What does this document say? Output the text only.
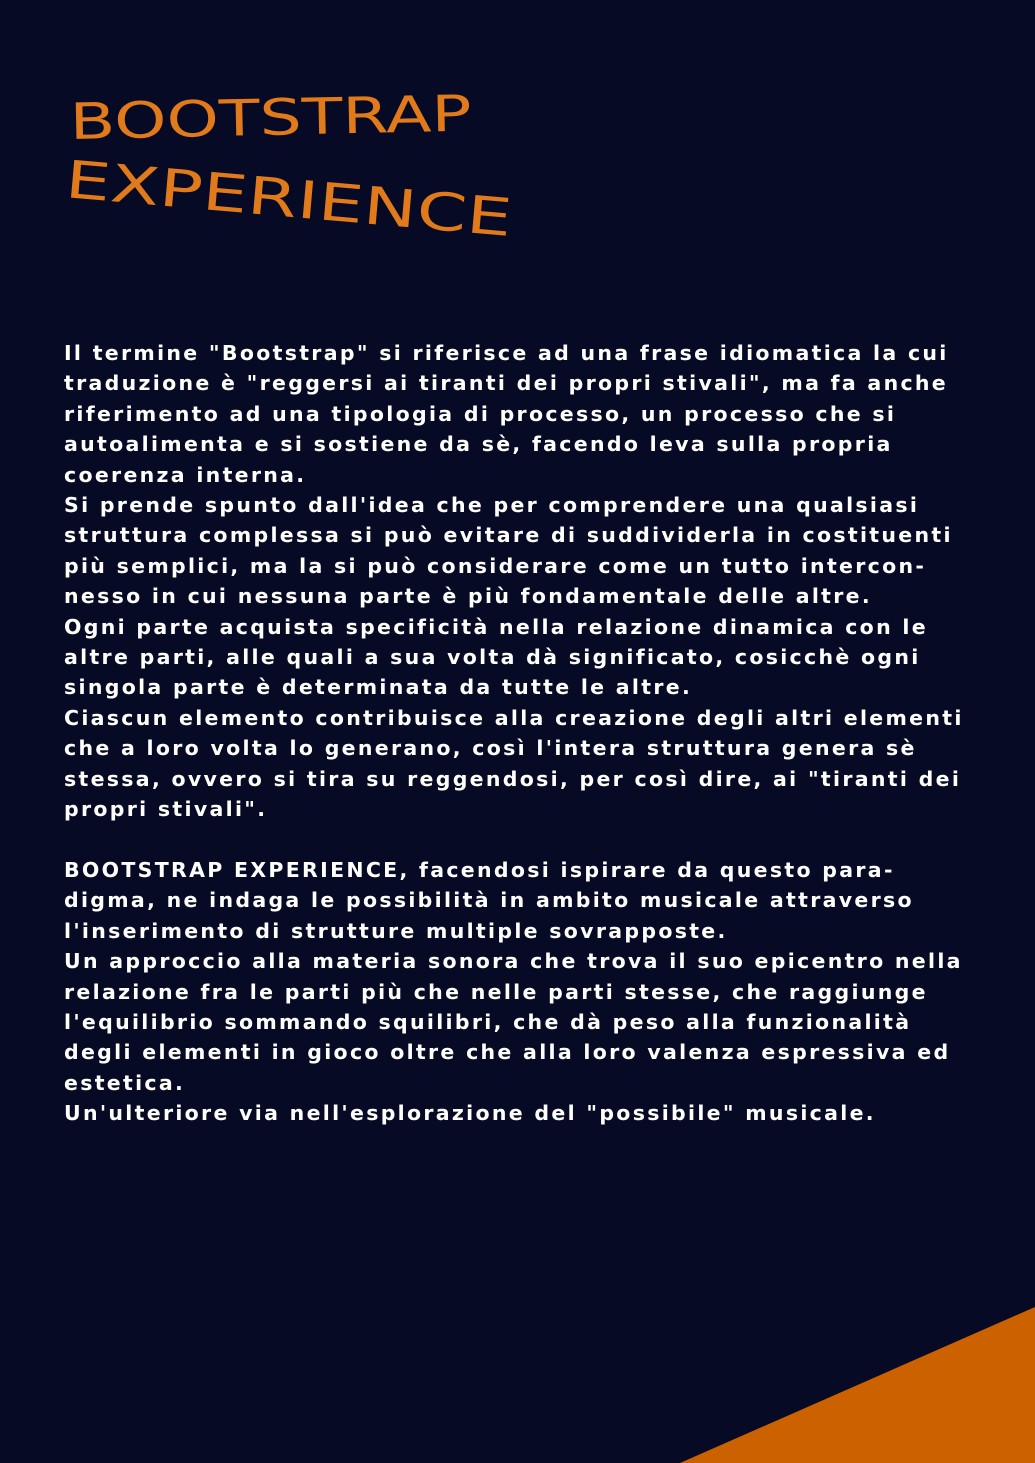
BOOTSTRAP
EXPERIENCE
Il termine "Bootstrap" si riferisce ad una frase idiomatica la cui
traduzione è "reggersi ai tiranti dei propri stivali", ma fa anche
riferimento ad una tipologia di processo, un processo che si
autoalimenta e si sostiene da sè, facendo leva sulla propria
coerenza interna.
Si prende spunto dall'idea che per comprendere una qualsiasi
struttura complessa si può evitare di suddividerla in costituenti
più semplici, ma la si può considerare come un tutto intercon-
nesso in cui nessuna parte è più fondamentale delle altre.
Ogni parte acquista specificità nella relazione dinamica con le
altre parti, alle quali a sua volta dà significato, cosicchè ogni
singola parte è determinata da tutte le altre.
Ciascun elemento contribuisce alla creazione degli altri elementi
che a loro volta lo generano, così l'intera struttura genera sè
stessa, ovvero si tira su reggendosi, per così dire, ai "tiranti dei
propri stivali".
BOOTSTRAP EXPERIENCE, facendosi ispirare da questo para-
digma, ne indaga le possibilità in ambito musicale attraverso
l'inserimento di strutture multiple sovrapposte.
Un approccio alla materia sonora che trova il suo epicentro nella
relazione fra le parti più che nelle parti stesse, che raggiunge
l'equilibrio sommando squilibri, che dà peso alla funzionalità
degli elementi in gioco oltre che alla loro valenza espressiva ed
estetica.
Un'ulteriore via nell'esplorazione del "possibile" musicale.
